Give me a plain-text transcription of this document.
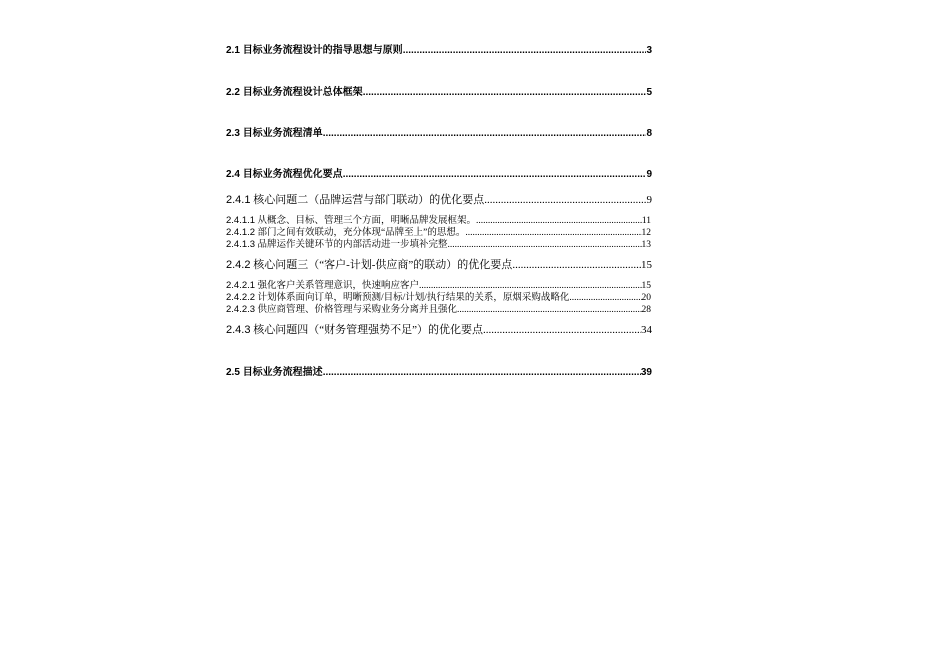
2.1 目标业务流程设计的指导思想与原则 .....	3
2.2 目标业务流程设计总体框架 .....	5
2.3 目标业务流程清单 .....	8
2.4 目标业务流程优化要点 .....	9
2.4.1 核心问题二（品牌运营与部门联动）的优化要点 .....	9
2.4.1.1 从概念、目标、管理三个方面，明晰品牌发展框架。 .....	11
2.4.1.2 部门之间有效联动，充分体现“品牌至上”的思想。 .....	12
2.4.1.3 品牌运作关键环节的内部活动进一步填补完整 .....	13
2.4.2 核心问题三（“客户-计划-供应商”的联动）的优化要点 .....	15
2.4.2.1 强化客户关系管理意识，快速响应客户 .....	15
2.4.2.2 计划体系面向订单，明晰预测/目标/计划/执行结果的关系，原烟采购战略化 .....	20
2.4.2.3 供应商管理、价格管理与采购业务分离并且强化 .....	28
2.4.3 核心问题四（“财务管理强势不足”）的优化要点 .....	34
2.5 目标业务流程描述 .....	39
